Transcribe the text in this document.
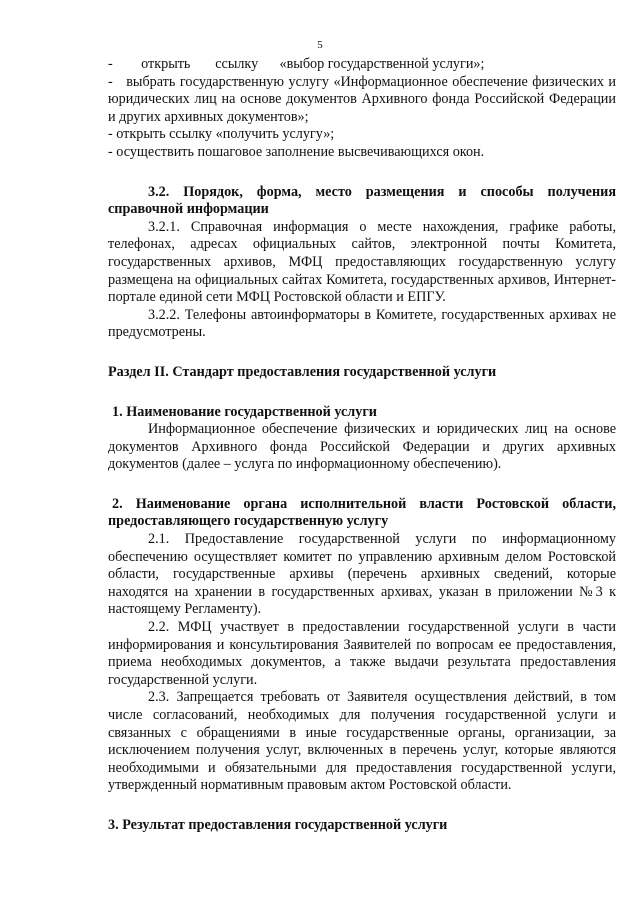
5

-        открыть       ссылку      «выбор государственной услуги»;

-   выбрать государственную услугу «Информационное обеспечение физических и юридических лиц на основе документов Архивного фонда Российской Федерации и других архивных документов»;

- открыть ссылку «получить услугу»;

- осуществить пошаговое заполнение высвечивающихся окон.

3.2. Порядок, форма, место размещения и способы получения справочной информации

3.2.1. Справочная информация о месте нахождения, графике работы, телефонах, адресах официальных сайтов, электронной почты Комитета, государственных архивов, МФЦ предоставляющих государственную услугу размещена на официальных сайтах Комитета, государственных архивов, Интернет-портале единой сети МФЦ Ростовской области и ЕПГУ.

3.2.2. Телефоны автоинформаторы в Комитете, государственных архивах не предусмотрены.

Раздел II. Стандарт предоставления государственной услуги

1. Наименование государственной услуги

Информационное обеспечение физических и юридических лиц на основе документов Архивного фонда Российской Федерации и других архивных документов (далее – услуга по информационному обеспечению).

2. Наименование органа исполнительной власти Ростовской области, предоставляющего государственную услугу

2.1. Предоставление государственной услуги по информационному обеспечению осуществляет комитет по управлению архивным делом Ростовской области, государственные архивы (перечень архивных сведений, которые находятся на хранении в государственных архивах, указан в приложении №3 к настоящему Регламенту).

2.2. МФЦ участвует в предоставлении государственной услуги в части информирования и консультирования Заявителей по вопросам ее предоставления, приема необходимых документов, а также выдачи результата предоставления государственной услуги.

2.3. Запрещается требовать от Заявителя осуществления действий, в том числе согласований, необходимых для получения государственной услуги и связанных с обращениями в иные государственные органы, организации, за исключением получения услуг, включенных в перечень услуг, которые являются необходимыми и обязательными для предоставления государственной услуги, утвержденный нормативным правовым актом Ростовской области.

3. Результат предоставления государственной услуги
